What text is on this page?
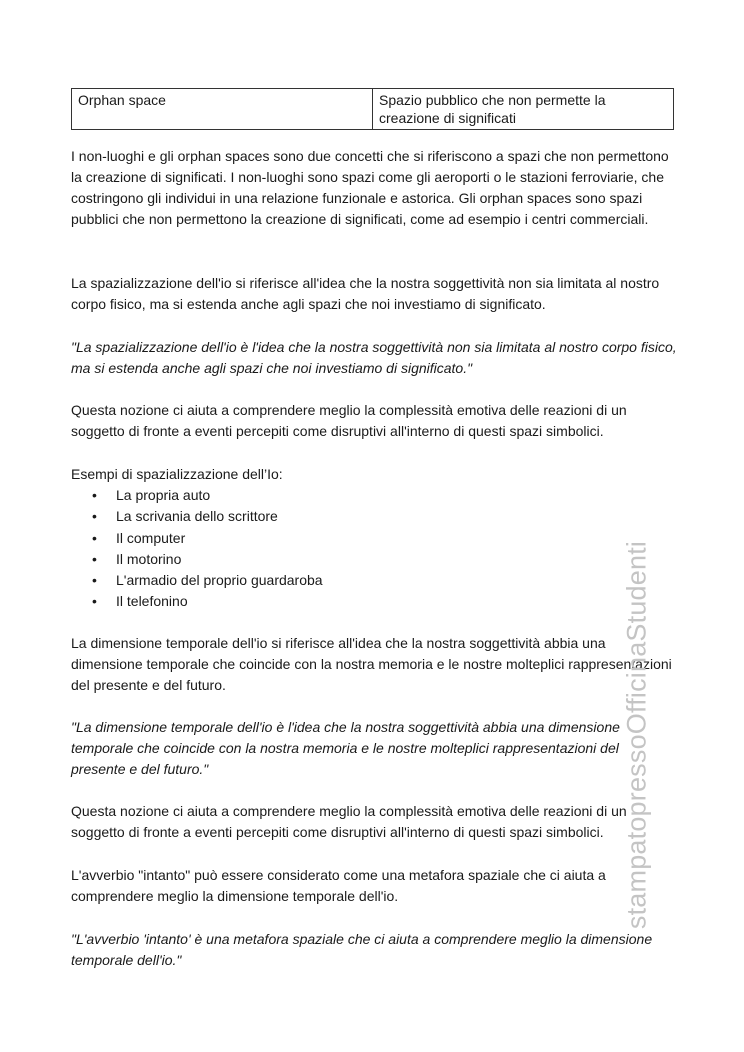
Orphan space	Spazio pubblico che non permette la creazione di significati

I non-luoghi e gli orphan spaces sono due concetti che si riferiscono a spazi che non permettono la creazione di significati. I non-luoghi sono spazi come gli aeroporti o le stazioni ferroviarie, che costringono gli individui in una relazione funzionale e astorica. Gli orphan spaces sono spazi pubblici che non permettono la creazione di significati, come ad esempio i centri commerciali.

La spazializzazione dell'io si riferisce all'idea che la nostra soggettività non sia limitata al nostro corpo fisico, ma si estenda anche agli spazi che noi investiamo di significato.

"La spazializzazione dell'io è l'idea che la nostra soggettività non sia limitata al nostro corpo fisico, ma si estenda anche agli spazi che noi investiamo di significato."

Questa nozione ci aiuta a comprendere meglio la complessità emotiva delle reazioni di un soggetto di fronte a eventi percepiti come disruptivi all'interno di questi spazi simbolici.

Esempi di spazializzazione dell’Io:

• La propria auto
• La scrivania dello scrittore
• Il computer
• Il motorino
• L'armadio del proprio guardaroba
• Il telefonino

La dimensione temporale dell'io si riferisce all'idea che la nostra soggettività abbia una dimensione temporale che coincide con la nostra memoria e le nostre molteplici rappresentazioni del presente e del futuro.

"La dimensione temporale dell'io è l'idea che la nostra soggettività abbia una dimensione temporale che coincide con la nostra memoria e le nostre molteplici rappresentazioni del presente e del futuro."

Questa nozione ci aiuta a comprendere meglio la complessità emotiva delle reazioni di un soggetto di fronte a eventi percepiti come disruptivi all'interno di questi spazi simbolici.

L'avverbio "intanto" può essere considerato come una metafora spaziale che ci aiuta a comprendere meglio la dimensione temporale dell'io.

"L'avverbio 'intanto' è una metafora spaziale che ci aiuta a comprendere meglio la dimensione temporale dell'io."

stampatopressoOfficinaStudenti
